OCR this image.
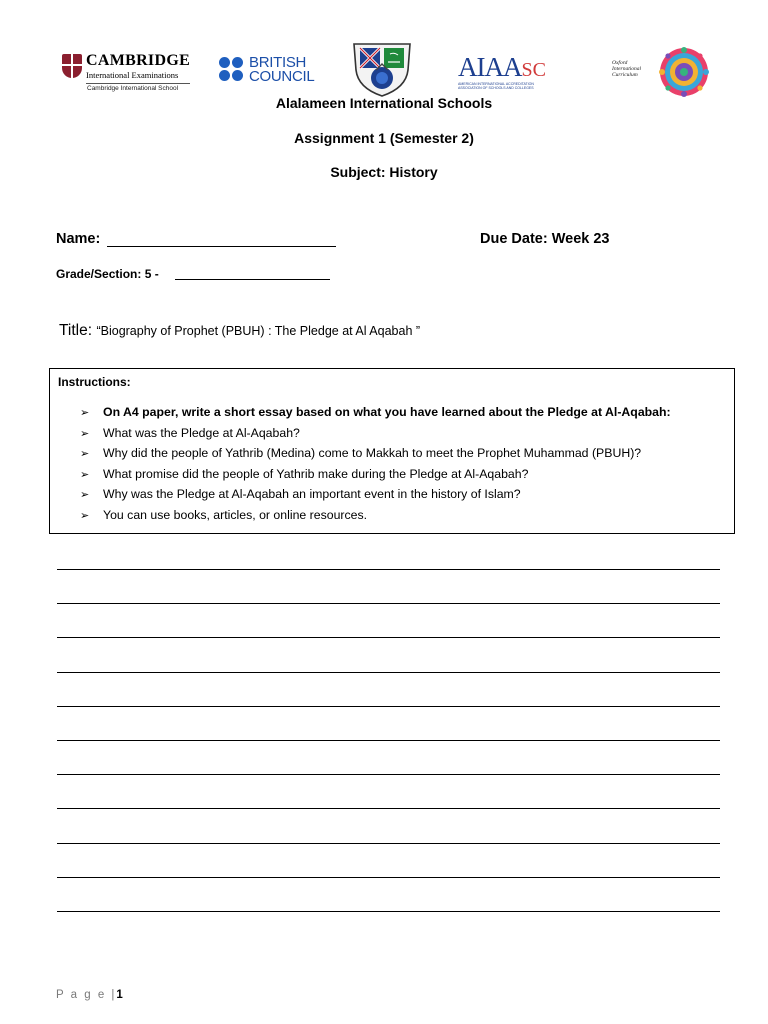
CAMBRIDGE
International Examinations
Cambridge International School
BRITISH
COUNCIL	AIAASC
AMERICAN INTERNATIONAL ACCREDITATION ASSOCIATION OF SCHOOLS AND COLLEGES
Oxford
International
Curriculum
Alalameen International Schools
Assignment 1 (Semester 2)
Subject: History
Name:	Due Date: Week 23
Grade/Section: 5 -
Title: “Biography of Prophet (PBUH) : The Pledge at Al Aqabah ”
Instructions:
➢ On A4 paper, write a short essay based on what you have learned about the Pledge at Al-Aqabah:
➢ What was the Pledge at Al-Aqabah?
➢ Why did the people of Yathrib (Medina) come to Makkah to meet the Prophet Muhammad (PBUH)?
➢ What promise did the people of Yathrib make during the Pledge at Al-Aqabah?
➢ Why was the Pledge at Al-Aqabah an important event in the history of Islam?
➢ You can use books, articles, or online resources.
P a g e |1
